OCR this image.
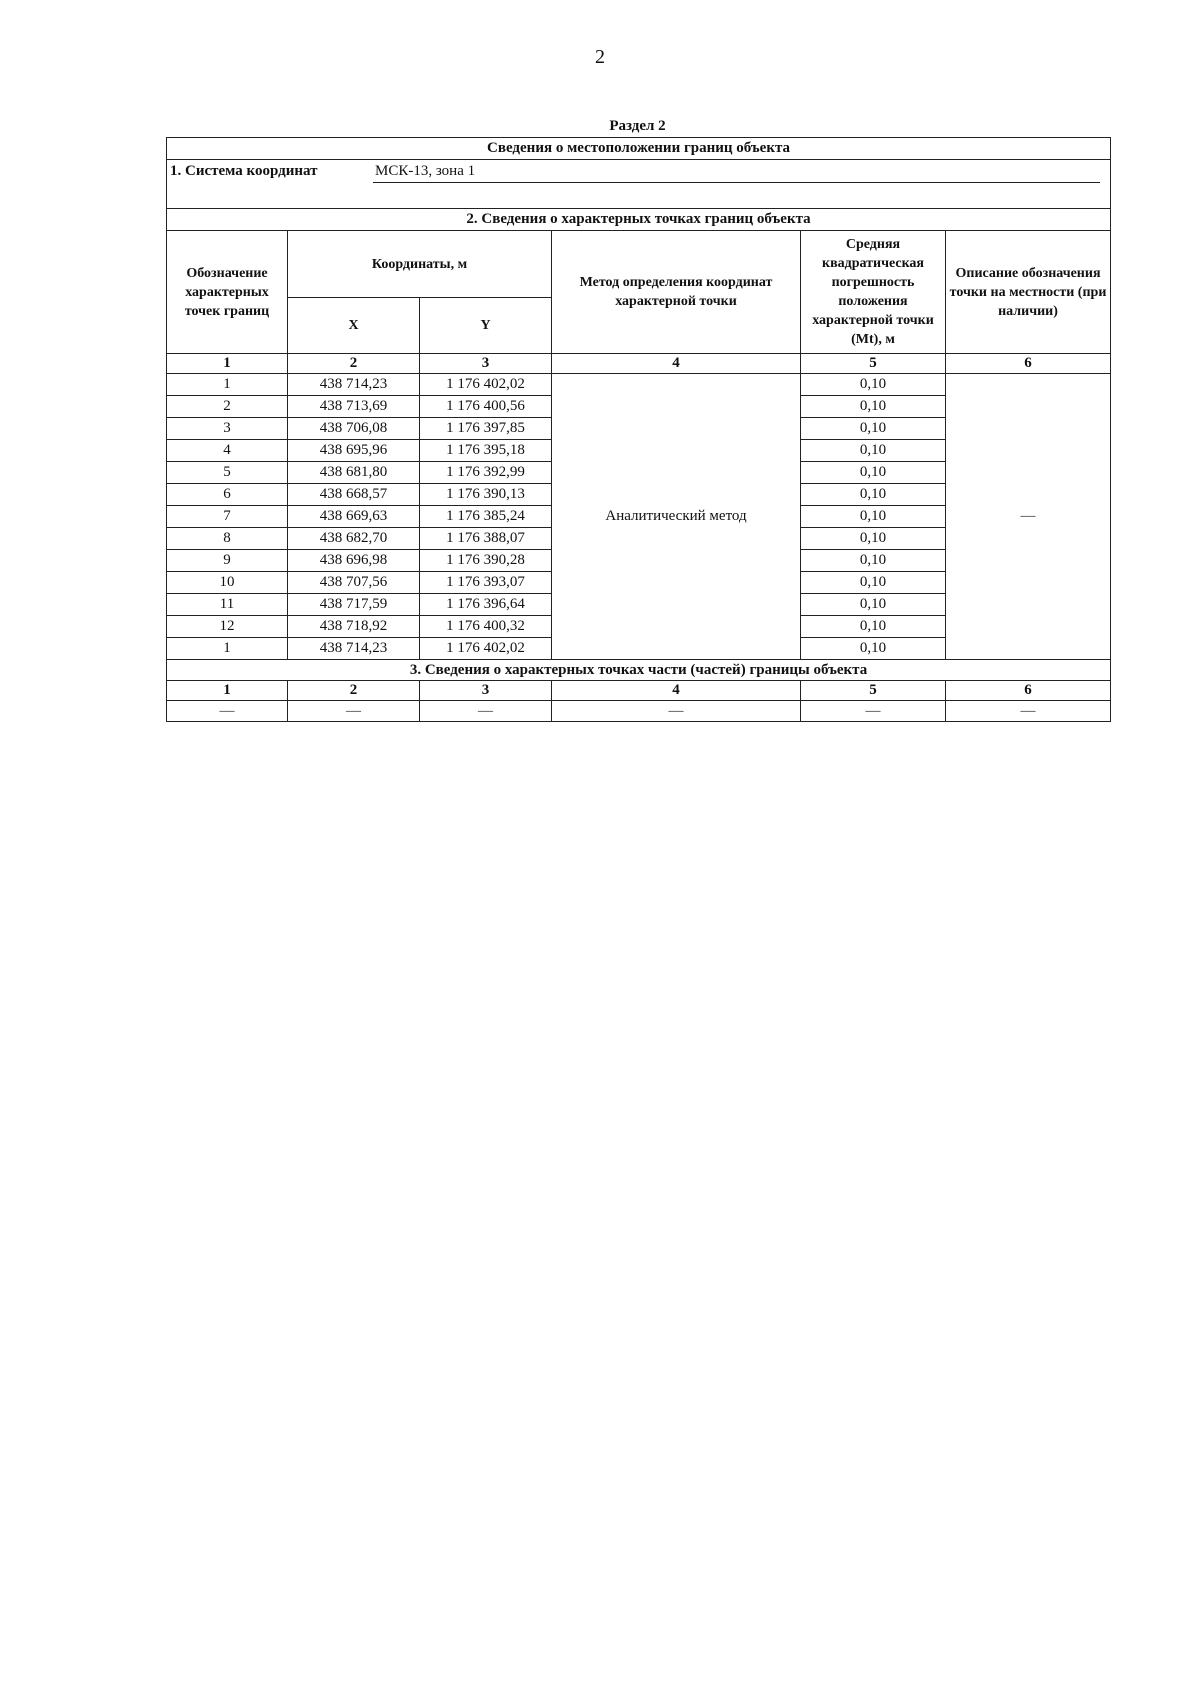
2
Раздел 2
Сведения о местоположении границ объекта					

1. Система координат МСК-13, зона 1					

2. Сведения о характерных точках границ объекта					
Обозначение характерных точек границ	Координаты, м		Метод определения координат характерной точки	Средняя квадратическая погрешность положения характерной точки (Mt), м	Описание обозначения точки на местности (при наличии)
	X	Y			
1	2	3	4	5	6
1	438 714,23	1 176 402,02	Аналитический метод	0,10	—
2	438 713,69	1 176 400,56		0,10	
3	438 706,08	1 176 397,85		0,10	
4	438 695,96	1 176 395,18		0,10	
5	438 681,80	1 176 392,99		0,10	
6	438 668,57	1 176 390,13		0,10	
7	438 669,63	1 176 385,24		0,10	
8	438 682,70	1 176 388,07		0,10	
9	438 696,98	1 176 390,28		0,10	
10	438 707,56	1 176 393,07		0,10	
11	438 717,59	1 176 396,64		0,10	
12	438 718,92	1 176 400,32		0,10	
1	438 714,23	1 176 402,02		0,10	
3. Сведения о характерных точках части (частей) границы объекта					
1	2	3	4	5	6
—	—	—	—	—	—
